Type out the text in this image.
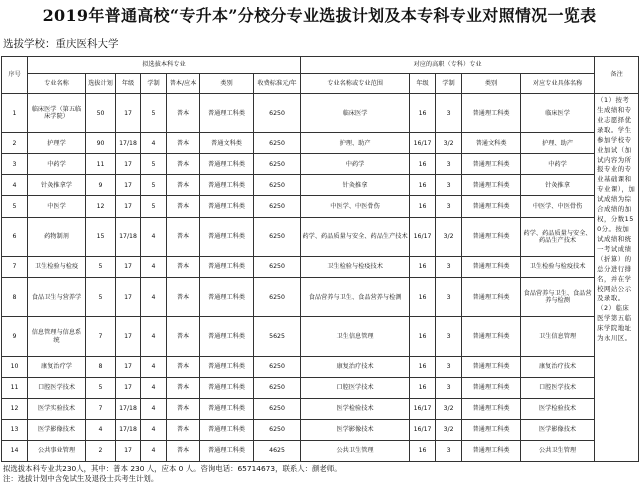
2019年普通高校“专升本”分校分专业选拔计划及本专科专业对照情况一览表
选拔学校：重庆医科大学
序号	拟选拔本科专业							对应的高职（专科）专业					备注
	专业名称	选拔计划	年级	学制	普本/应本	类别	收费标准元/年	专业名称或专业范围	年级	学制	类别	对应专业具体名称	
1	临床医学（第五临床学院）	50	17	5	普本	普通理工科类	6250	临床医学	16	3	普通理工科类	临床医学	（1）按考生成绩和专业志愿择优录取。学生参加学校专业加试（加试内容为所报专业的专业基础课和专业课），加试成绩为综合成绩的加权，分数150分。按加试成绩和统一考试成绩（折算）的总分进行排名，并在学校网站公示及录取。（2）临床医学第五临床学院地址为永川区。
2	护理学	90	17/18	4	普本	普通文科类	6250	护理、助产	16/17	3/2	普通文科类	护理、助产	
3	中药学	11	17	5	普本	普通理工科类	6250	中药学	16	3	普通理工科类	中药学	
4	针灸推拿学	9	17	5	普本	普通理工科类	6250	针灸推拿	16	3	普通理工科类	针灸推拿	
5	中医学	12	17	5	普本	普通理工科类	6250	中医学、中医骨伤	16	3	普通理工科类	中医学、中医骨伤	
6	药物制剂	15	17/18	4	普本	普通理工科类	6250	药学、药品质量与安全、药品生产技术	16/17	3/2	普通理工科类	药学、药品质量与安全、药品生产技术	
7	卫生检验与检疫	5	17	4	普本	普通理工科类	6250	卫生检验与检疫技术	16	3	普通理工科类	卫生检验与检疫技术	
8	食品卫生与营养学	5	17	4	普本	普通理工科类	6250	食品营养与卫生、食品营养与检测	16	3	普通理工科类	食品营养与卫生、食品营养与检测	
9	信息管理与信息系统	7	17	4	普本	普通理工科类	5625	卫生信息管理	16	3	普通理工科类	卫生信息管理	
10	康复治疗学	8	17	4	普本	普通理工科类	6250	康复治疗技术	16	3	普通理工科类	康复治疗技术	
11	口腔医学技术	5	17	4	普本	普通理工科类	6250	口腔医学技术	16	3	普通理工科类	口腔医学技术	
12	医学实验技术	7	17/18	4	普本	普通理工科类	6250	医学检验技术	16/17	3/2	普通理工科类	医学检验技术	
13	医学影像技术	4	17/18	4	普本	普通理工科类	6250	医学影像技术	16/17	3/2	普通理工科类	医学影像技术	
14	公共事业管理	2	17	4	普本	普通理工科类	4625	公共卫生管理	16	3	普通理工科类	公共卫生管理	
拟选拔本科专业共230人，其中：普本 230 人，应本 0 人。咨询电话：65714673，联系人：颜老师。
注：选拔计划中含免试生及退役士兵考生计划。
